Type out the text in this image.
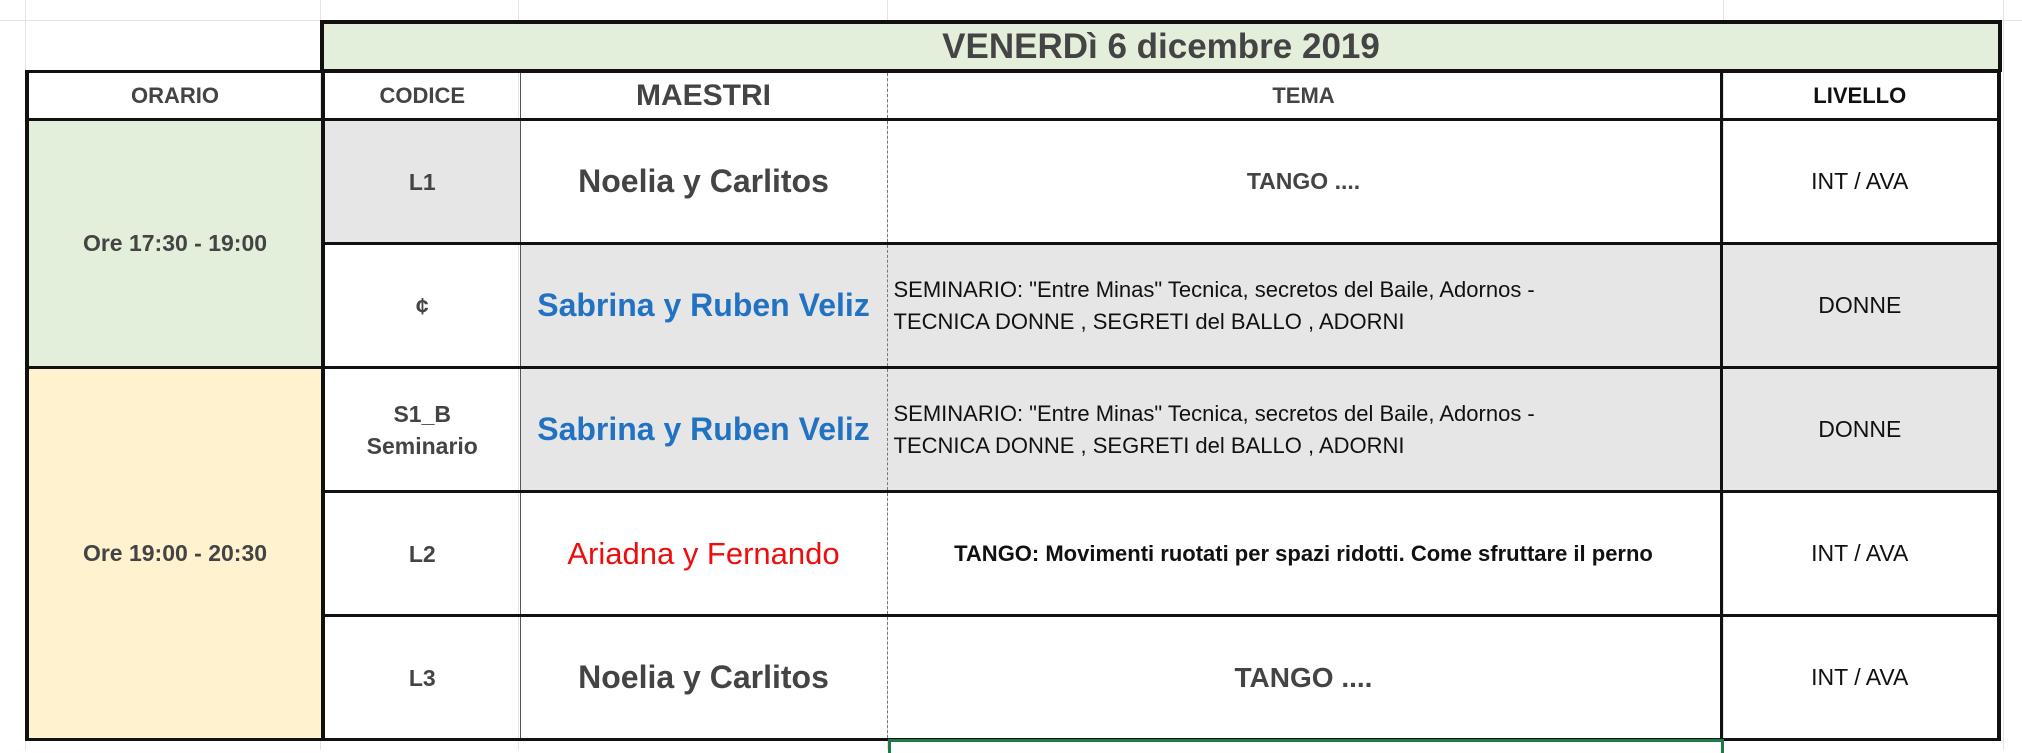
VENERDì 6 dicembre 2019
ORARIO	CODICE	MAESTRI	TEMA	LIVELLO
Ore 17:30 - 19:00	L1	Noelia y Carlitos	TANGO ....	INT / AVA
	¢	Sabrina y Ruben Veliz	SEMINARIO: "Entre Minas" Tecnica, secretos del Baile, Adornos -
TECNICA DONNE , SEGRETI del BALLO , ADORNI	DONNE
Ore 19:00 - 20:30	S1_B
Seminario	Sabrina y Ruben Veliz	SEMINARIO: "Entre Minas" Tecnica, secretos del Baile, Adornos -
TECNICA DONNE , SEGRETI del BALLO , ADORNI	DONNE
	L2	Ariadna y Fernando	TANGO: Movimenti ruotati per spazi ridotti. Come sfruttare il perno	INT / AVA
	L3	Noelia y Carlitos	TANGO ....	INT / AVA
